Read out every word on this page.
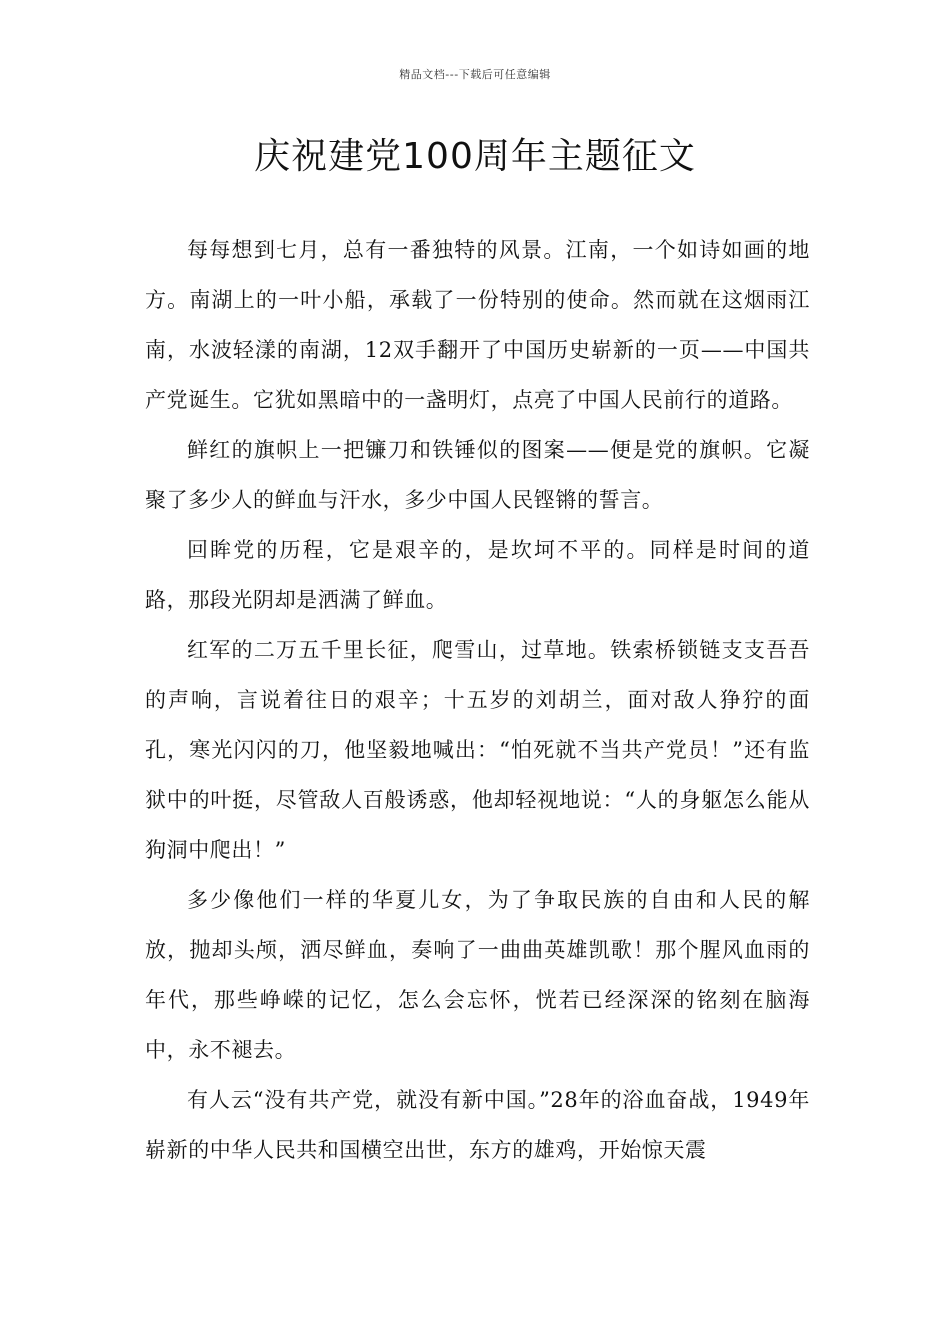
精品文档---下载后可任意编辑
庆祝建党100周年主题征文

每每想到七月，总有一番独特的风景。江南，一个如诗如画的地方。南湖上的一叶小船，承载了一份特别的使命。然而就在这烟雨江南，水波轻漾的南湖，12双手翻开了中国历史崭新的一页——中国共产党诞生。它犹如黑暗中的一盏明灯，点亮了中国人民前行的道路。

鲜红的旗帜上一把镰刀和铁锤似的图案——便是党的旗帜。它凝聚了多少人的鲜血与汗水，多少中国人民铿锵的誓言。

回眸党的历程，它是艰辛的，是坎坷不平的。同样是时间的道路，那段光阴却是洒满了鲜血。

红军的二万五千里长征，爬雪山，过草地。铁索桥锁链支支吾吾的声响，言说着往日的艰辛；十五岁的刘胡兰，面对敌人狰狞的面孔，寒光闪闪的刀，他坚毅地喊出：“怕死就不当共产党员！”还有监狱中的叶挺，尽管敌人百般诱惑，他却轻视地说：“人的身躯怎么能从狗洞中爬出！”

多少像他们一样的华夏儿女，为了争取民族的自由和人民的解放，抛却头颅，洒尽鲜血，奏响了一曲曲英雄凯歌！那个腥风血雨的年代，那些峥嵘的记忆，怎么会忘怀，恍若已经深深的铭刻在脑海中，永不褪去。

有人云“没有共产党，就没有新中国。”28年的浴血奋战，1949年崭新的中华人民共和国横空出世，东方的雄鸡，开始惊天震
